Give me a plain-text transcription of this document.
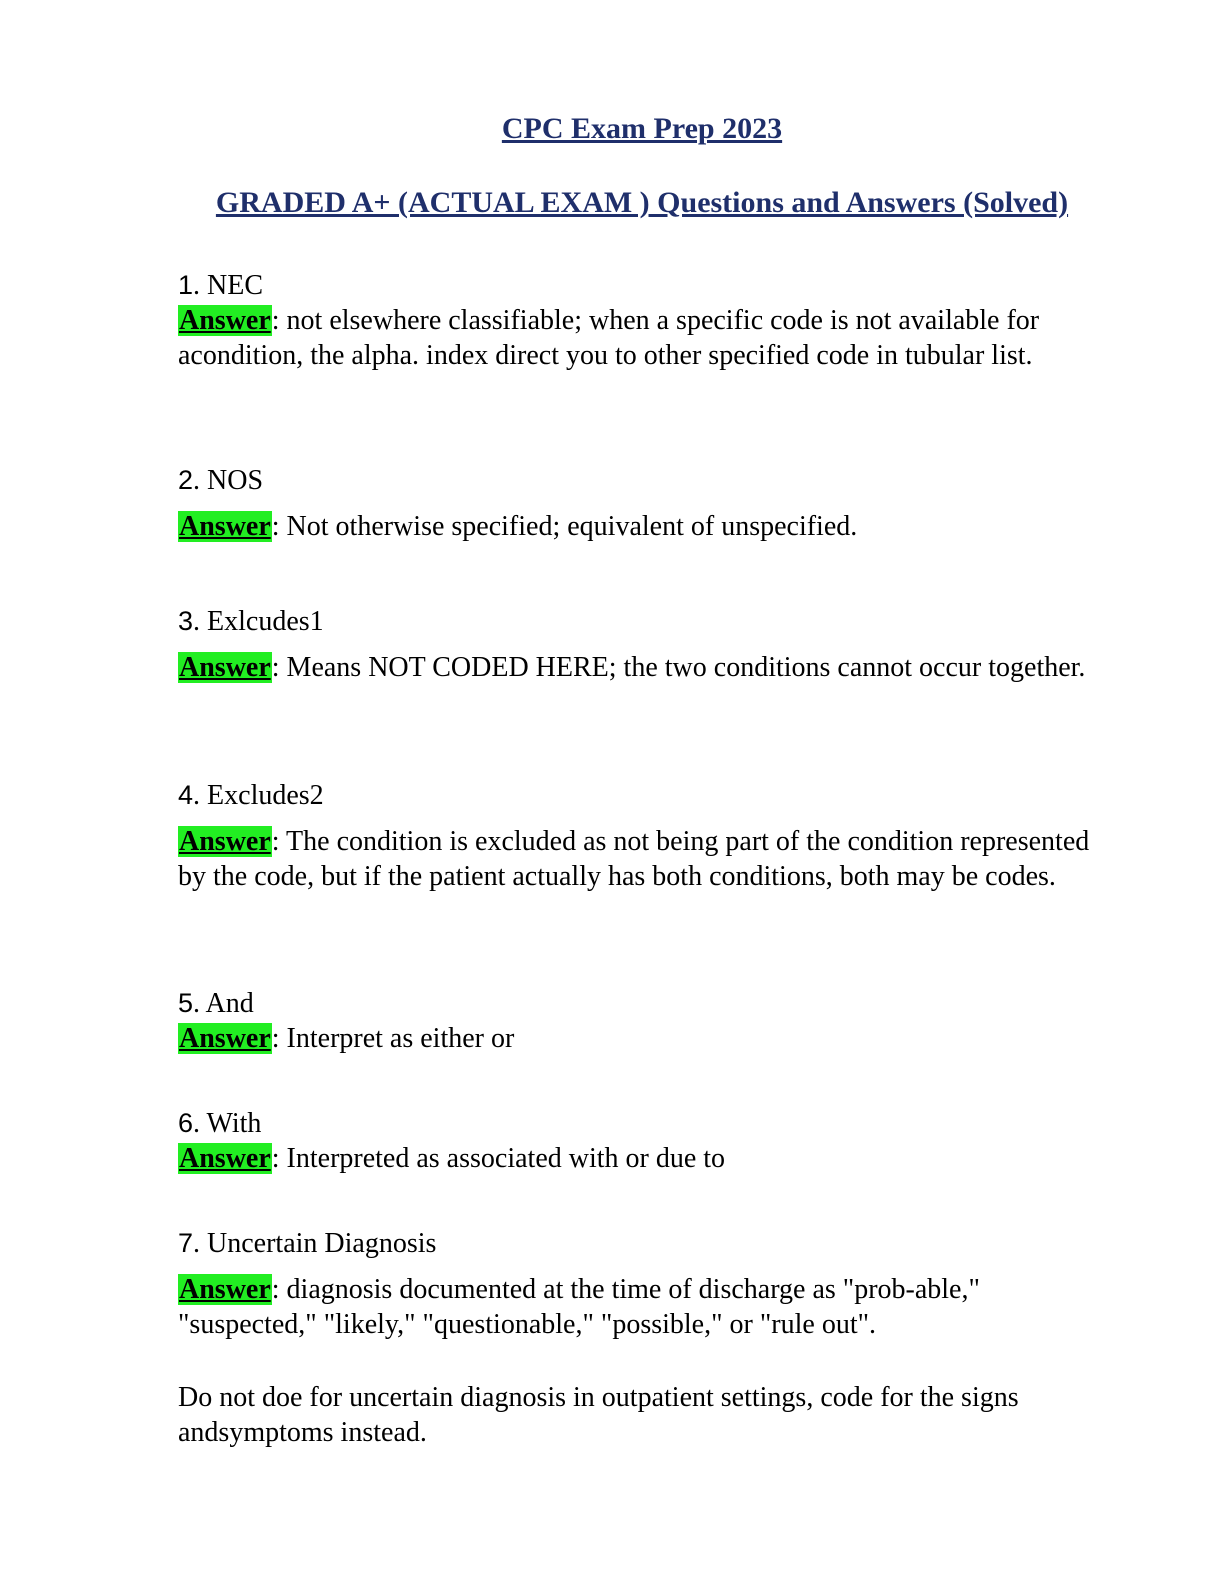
CPC Exam Prep 2023
GRADED A+ (ACTUAL EXAM ) Questions and Answers (Solved)
1. NEC

Answer: not elsewhere classifiable; when a specific code is not available for acondition, the alpha. index direct you to other specified code in tubular list.

2. NOS

Answer: Not otherwise specified; equivalent of unspecified.

3. Exlcudes1

Answer: Means NOT CODED HERE; the two conditions cannot occur together.

4. Excludes2

Answer: The condition is excluded as not being part of the condition represented by the code, but if the patient actually has both conditions, both may be codes.

5. And

Answer: Interpret as either or

6. With

Answer: Interpreted as associated with or due to

7. Uncertain Diagnosis

Answer: diagnosis documented at the time of discharge as "prob-able," "suspected," "likely," "questionable," "possible," or "rule out".

Do not doe for uncertain diagnosis in outpatient settings, code for the signs andsymptoms instead.
